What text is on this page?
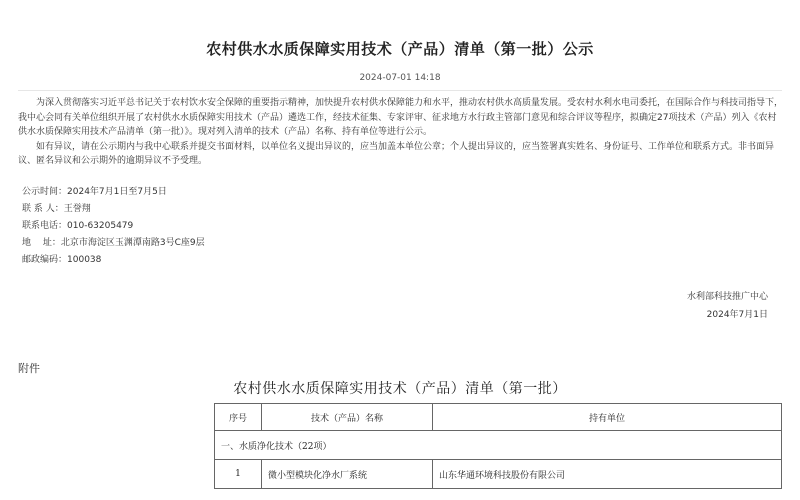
农村供水水质保障实用技术（产品）清单（第一批）公示
2024-07-01 14:18

为深入贯彻落实习近平总书记关于农村饮水安全保障的重要指示精神，加快提升农村供水保障能力和水平，推动农村供水高质量发展。受农村水利水电司委托，在国际合作与科技司指导下，我中心会同有关单位组织开展了农村供水水质保障实用技术（产品）遴选工作，经技术征集、专家评审、征求地方水行政主管部门意见和综合评议等程序，拟确定27项技术（产品）列入《农村供水水质保障实用技术产品清单（第一批）》。现对列入清单的技术（产品）名称、持有单位等进行公示。

如有异议，请在公示期内与我中心联系并提交书面材料，以单位名义提出异议的，应当加盖本单位公章；个人提出异议的，应当签署真实姓名、身份证号、工作单位和联系方式。非书面异议、匿名异议和公示期外的逾期异议不予受理。

公示时间：2024年7月1日至7月5日
联 系 人：王誉翔
联系电话：010-63205479
地　 址：北京市海淀区玉渊潭南路3号C座9层
邮政编码：100038
水利部科技推广中心
2024年7月1日
附件
农村供水水质保障实用技术（产品）清单（第一批）
序号	技术（产品）名称	持有单位
一、水质净化技术（22项）		
1	微小型模块化净水厂系统	山东华通环境科技股份有限公司
